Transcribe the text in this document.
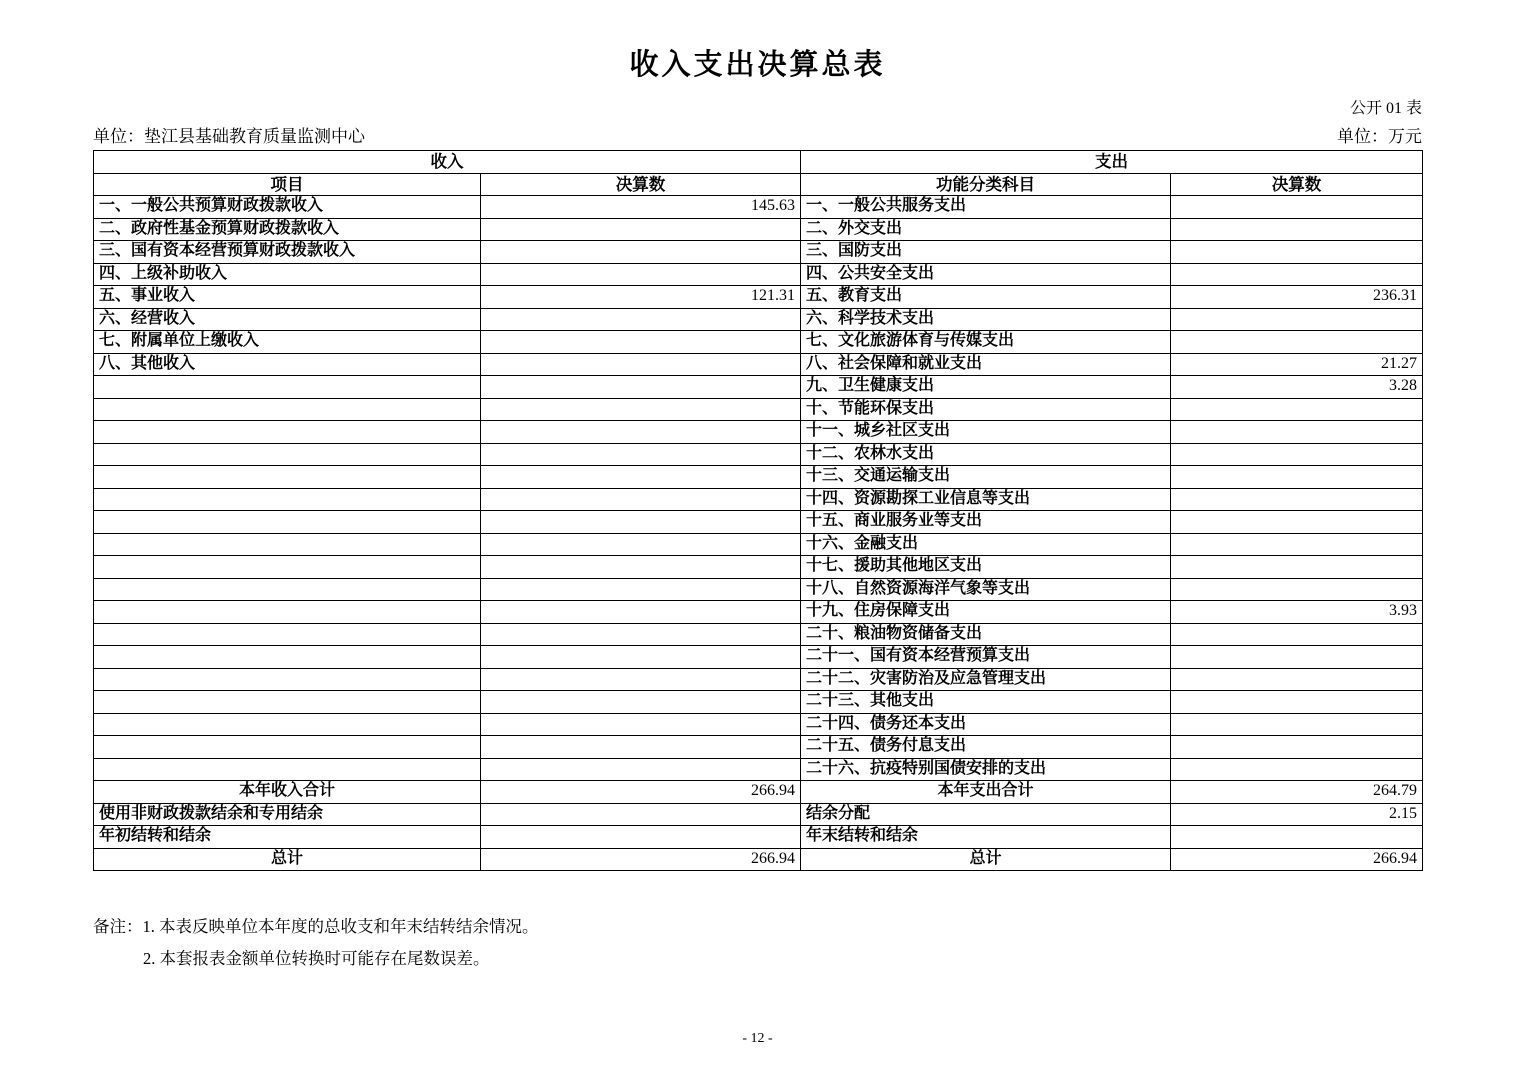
收入支出决算总表
公开 01 表
单位：垫江县基础教育质量监测中心	单位：万元
收入		支出	
项目	决算数	功能分类科目	决算数
一、一般公共预算财政拨款收入	145.63	一、一般公共服务支出	
二、政府性基金预算财政拨款收入		二、外交支出	
三、国有资本经营预算财政拨款收入		三、国防支出	
四、上级补助收入		四、公共安全支出	
五、事业收入	121.31	五、教育支出	236.31
六、经营收入		六、科学技术支出	
七、附属单位上缴收入		七、文化旅游体育与传媒支出	
八、其他收入		八、社会保障和就业支出	21.27
		九、卫生健康支出	3.28
		十、节能环保支出	
		十一、城乡社区支出	
		十二、农林水支出	
		十三、交通运输支出	
		十四、资源勘探工业信息等支出	
		十五、商业服务业等支出	
		十六、金融支出	
		十七、援助其他地区支出	
		十八、自然资源海洋气象等支出	
		十九、住房保障支出	3.93
		二十、粮油物资储备支出	
		二十一、国有资本经营预算支出	
		二十二、灾害防治及应急管理支出	
		二十三、其他支出	
		二十四、债务还本支出	
		二十五、债务付息支出	
		二十六、抗疫特别国债安排的支出	
本年收入合计	266.94	本年支出合计	264.79
使用非财政拨款结余和专用结余		结余分配	2.15
年初结转和结余		年末结转和结余	
总计	266.94	总计	266.94
备注：1. 本表反映单位本年度的总收支和年末结转结余情况。
2. 本套报表金额单位转换时可能存在尾数误差。
- 12 -
